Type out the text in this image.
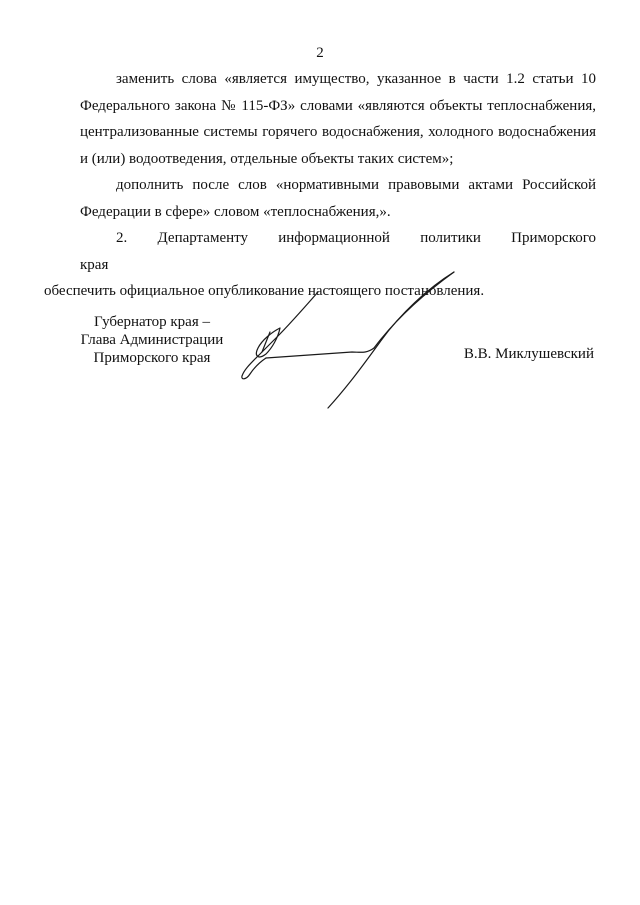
2

заменить слова «является имущество, указанное в части 1.2 статьи 10 Федерального закона № 115-ФЗ» словами «являются объекты теплоснабжения, централизованные системы горячего водоснабжения, холодного водоснабжения и (или) водоотведения, отдельные объекты таких систем»;

дополнить после слов «нормативными правовыми актами Российской Федерации в сфере» словом «теплоснабжения,».

2. Департаменту информационной политики Приморского края
обеспечить официальное опубликование настоящего постановления.

Губернатор края –
Глава Администрации
Приморского края	В.В. Миклушевский
